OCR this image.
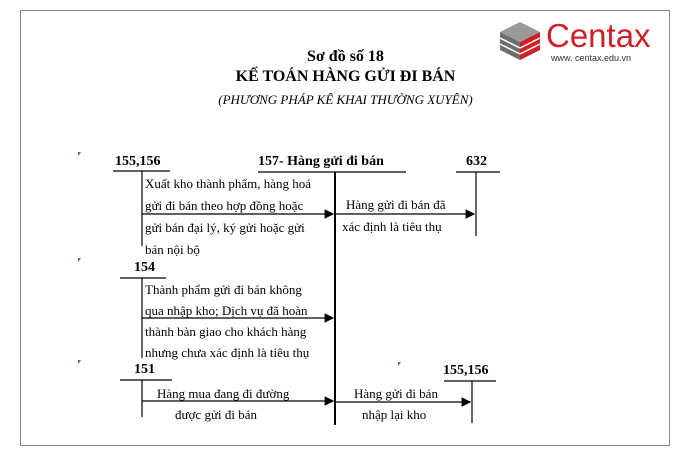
Centax
www. centax.edu.vn
Sơ đồ số 18
KẾ TOÁN HÀNG GỬI ĐI BÁN
(PHƯƠNG PHÁP KÊ KHAI THƯỜNG XUYÊN)
155,156	157- Hàng gửi đi bán	632
154
151	155,156
Xuất kho thành phẩm, hàng hoá
gửi đi bán theo hợp đồng hoặc
gửi bán đại lý, ký gửi hoặc gửi
bán nội bộ
Hàng gửi đi bán đã
xác định là tiêu thụ
Thành phẩm gửi đi bán không
qua nhập kho; Dịch vụ đã hoàn
thành bàn giao cho khách hàng
nhưng chưa xác định là tiêu thụ
Hàng mua đang đi đường
được gửi đi bán
Hàng gửi đi bán
nhập lại kho
